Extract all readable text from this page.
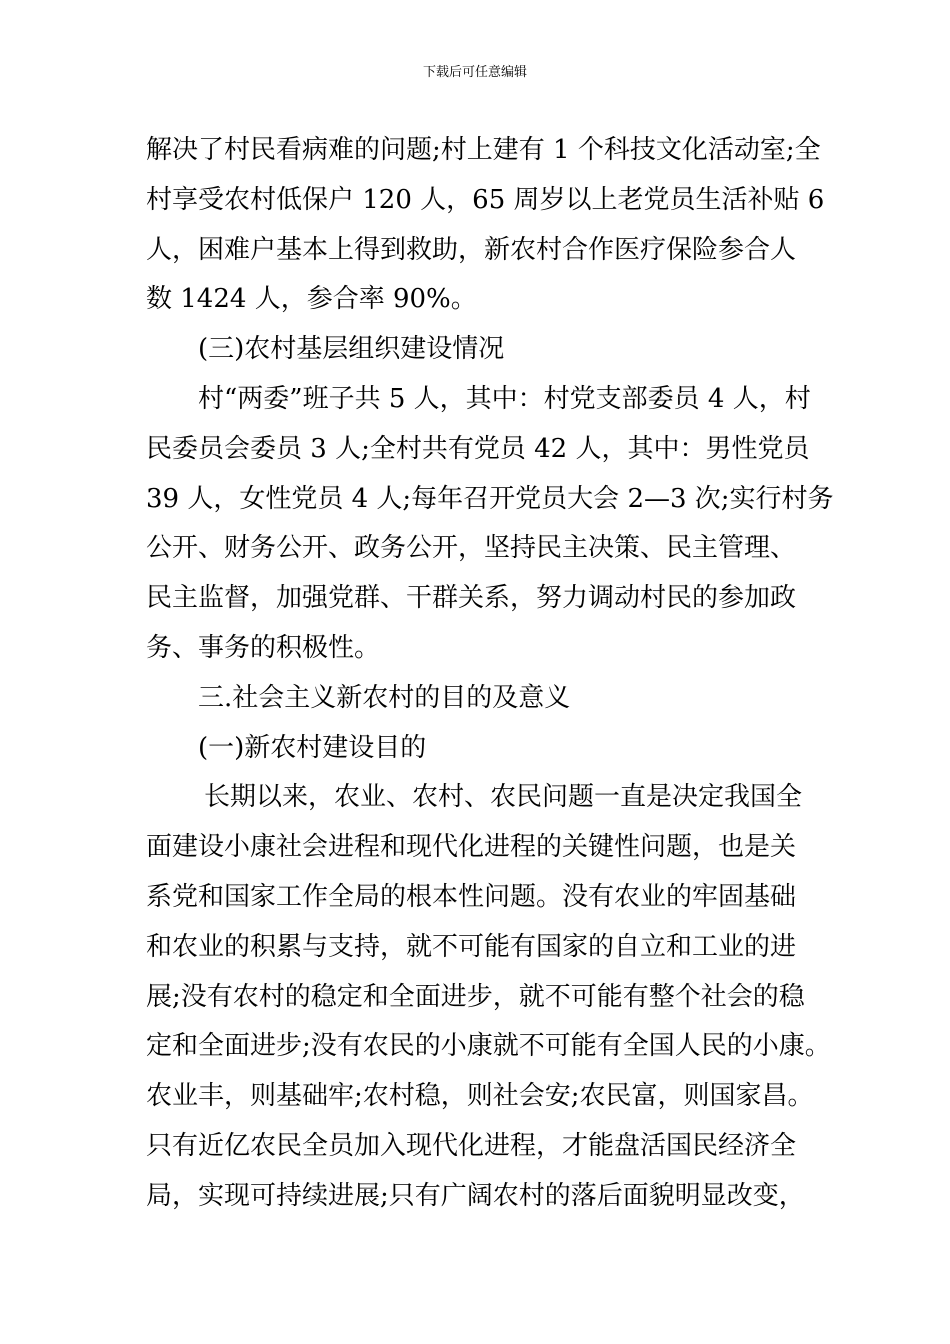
下载后可任意编辑

解决了村民看病难的问题;村上建有 1 个科技文化活动室;全

村享受农村低保户 120 人，65 周岁以上老党员生活补贴 6

人，困难户基本上得到救助，新农村合作医疗保险参合人

数 1424 人，参合率 90%。

(三)农村基层组织建设情况

村“两委”班子共 5 人，其中：村党支部委员 4 人，村

民委员会委员 3 人;全村共有党员 42 人，其中：男性党员

39 人，女性党员 4 人;每年召开党员大会 2—3 次;实行村务

公开、财务公开、政务公开，坚持民主决策、民主管理、

民主监督，加强党群、干群关系，努力调动村民的参加政

务、事务的积极性。

三.社会主义新农村的目的及意义

(一)新农村建设目的

长期以来，农业、农村、农民问题一直是决定我国全

面建设小康社会进程和现代化进程的关键性问题，也是关

系党和国家工作全局的根本性问题。没有农业的牢固基础

和农业的积累与支持，就不可能有国家的自立和工业的进

展;没有农村的稳定和全面进步，就不可能有整个社会的稳

定和全面进步;没有农民的小康就不可能有全国人民的小康。

农业丰，则基础牢;农村稳，则社会安;农民富，则国家昌。

只有近亿农民全员加入现代化进程，才能盘活国民经济全

局，实现可持续进展;只有广阔农村的落后面貌明显改变，
